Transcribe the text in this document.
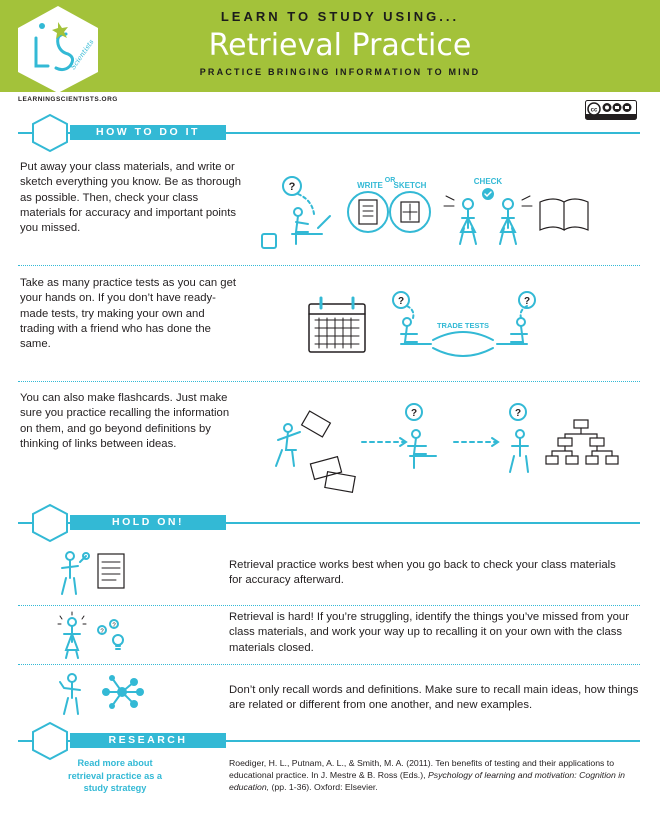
Scientists
LEARN TO STUDY USING...
Retrieval Practice
PRACTICE BRINGING INFORMATION TO MIND
LEARNINGSCIENTISTS.ORG
cc
HOW TO DO IT
Put away your class materials, and write or sketch everything you know. Be as thorough as possible. Then, check your class materials for accuracy and important points you missed.
?	WRITE
OR
SKETCH	CHECK
Take as many practice tests as you can get your hands on. If you don’t have ready-made tests, try making your own and trading with a friend who has done the same.
?	?
TRADE TESTS
You can also make flashcards. Just make sure you practice recalling the information on them, and go beyond definitions by thinking of links between ideas.
?	?
HOLD ON!
Retrieval practice works best when you go back to check your class materials for accuracy afterward.
?
?
Retrieval is hard! If you’re struggling, identify the things you’ve missed from your class materials, and work your way up to recalling it on your own with the class materials closed.
Don’t only recall words and definitions. Make sure to recall main ideas, how things are related or different from one another, and new examples.
RESEARCH
Read more about retrieval practice as a study strategy
Roediger, H. L., Putnam, A. L., & Smith, M. A. (2011). Ten benefits of testing and their applications to educational practice. In J. Mestre & B. Ross (Eds.), Psychology of learning and motivation: Cognition in education, (pp. 1-36). Oxford: Elsevier.
